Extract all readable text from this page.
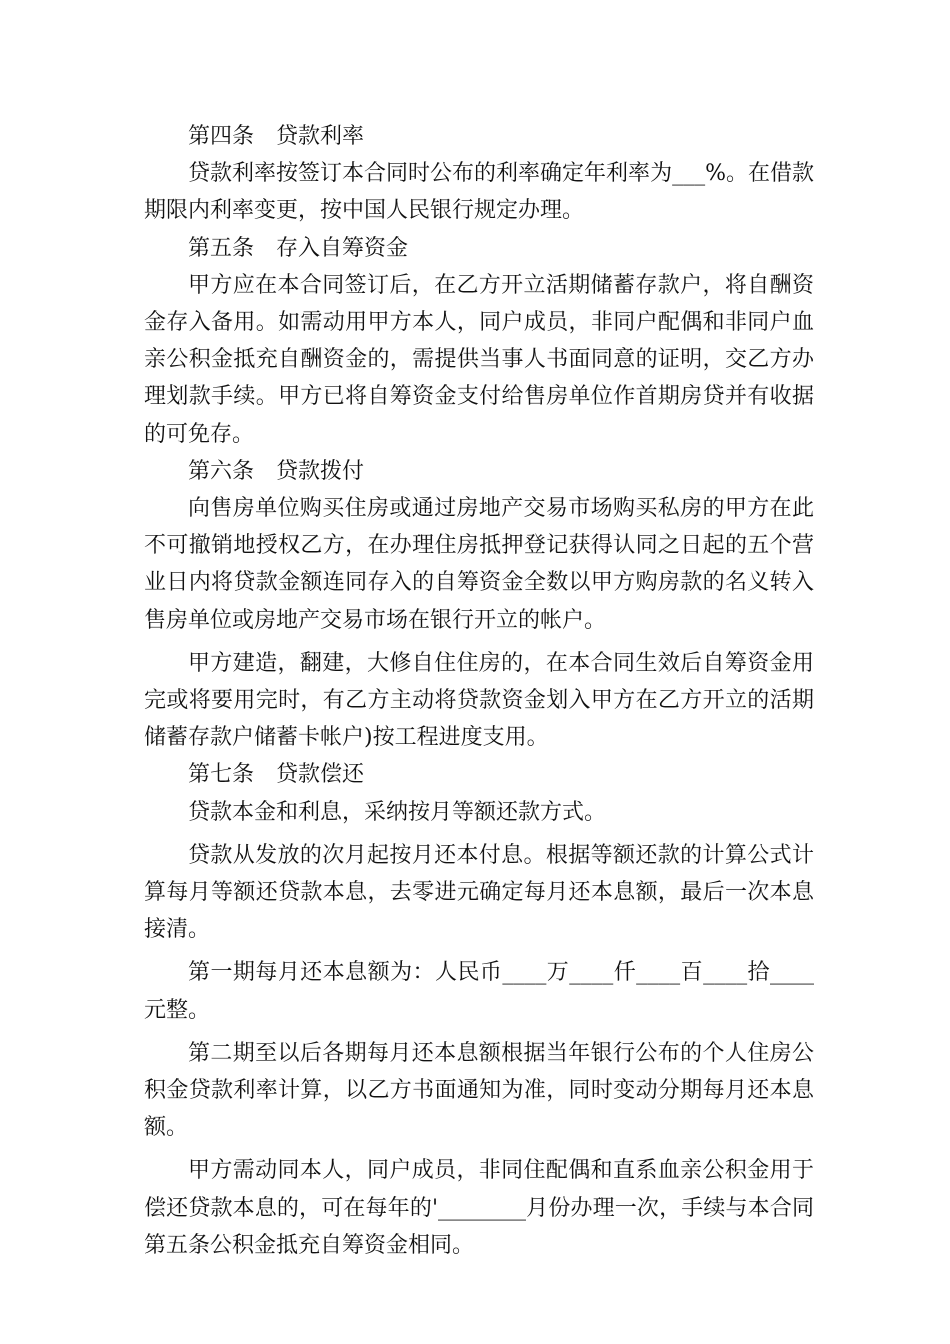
第四条　贷款利率

贷款利率按签订本合同时公布的利率确定年利率为___%。在借款期限内利率变更，按中国人民银行规定办理。

第五条　存入自筹资金

甲方应在本合同签订后，在乙方开立活期储蓄存款户，将自酬资金存入备用。如需动用甲方本人，同户成员，非同户配偶和非同户血亲公积金抵充自酬资金的，需提供当事人书面同意的证明，交乙方办理划款手续。甲方已将自筹资金支付给售房单位作首期房贷并有收据的可免存。

第六条　贷款拨付

向售房单位购买住房或通过房地产交易市场购买私房的甲方在此不可撤销地授权乙方，在办理住房抵押登记获得认同之日起的五个营业日内将贷款金额连同存入的自筹资金全数以甲方购房款的名义转入售房单位或房地产交易市场在银行开立的帐户。

甲方建造，翻建，大修自住住房的，在本合同生效后自筹资金用完或将要用完时，有乙方主动将贷款资金划入甲方在乙方开立的活期储蓄存款户储蓄卡帐户)按工程进度支用。

第七条　贷款偿还

贷款本金和利息，采纳按月等额还款方式。

贷款从发放的次月起按月还本付息。根据等额还款的计算公式计算每月等额还贷款本息，去零进元确定每月还本息额，最后一次本息接清。

第一期每月还本息额为：人民币____万____仟____百____拾____元整。

第二期至以后各期每月还本息额根据当年银行公布的个人住房公积金贷款利率计算，以乙方书面通知为准，同时变动分期每月还本息额。

甲方需动同本人，同户成员，非同住配偶和直系血亲公积金用于偿还贷款本息的，可在每年的'________月份办理一次，手续与本合同第五条公积金抵充自筹资金相同。
